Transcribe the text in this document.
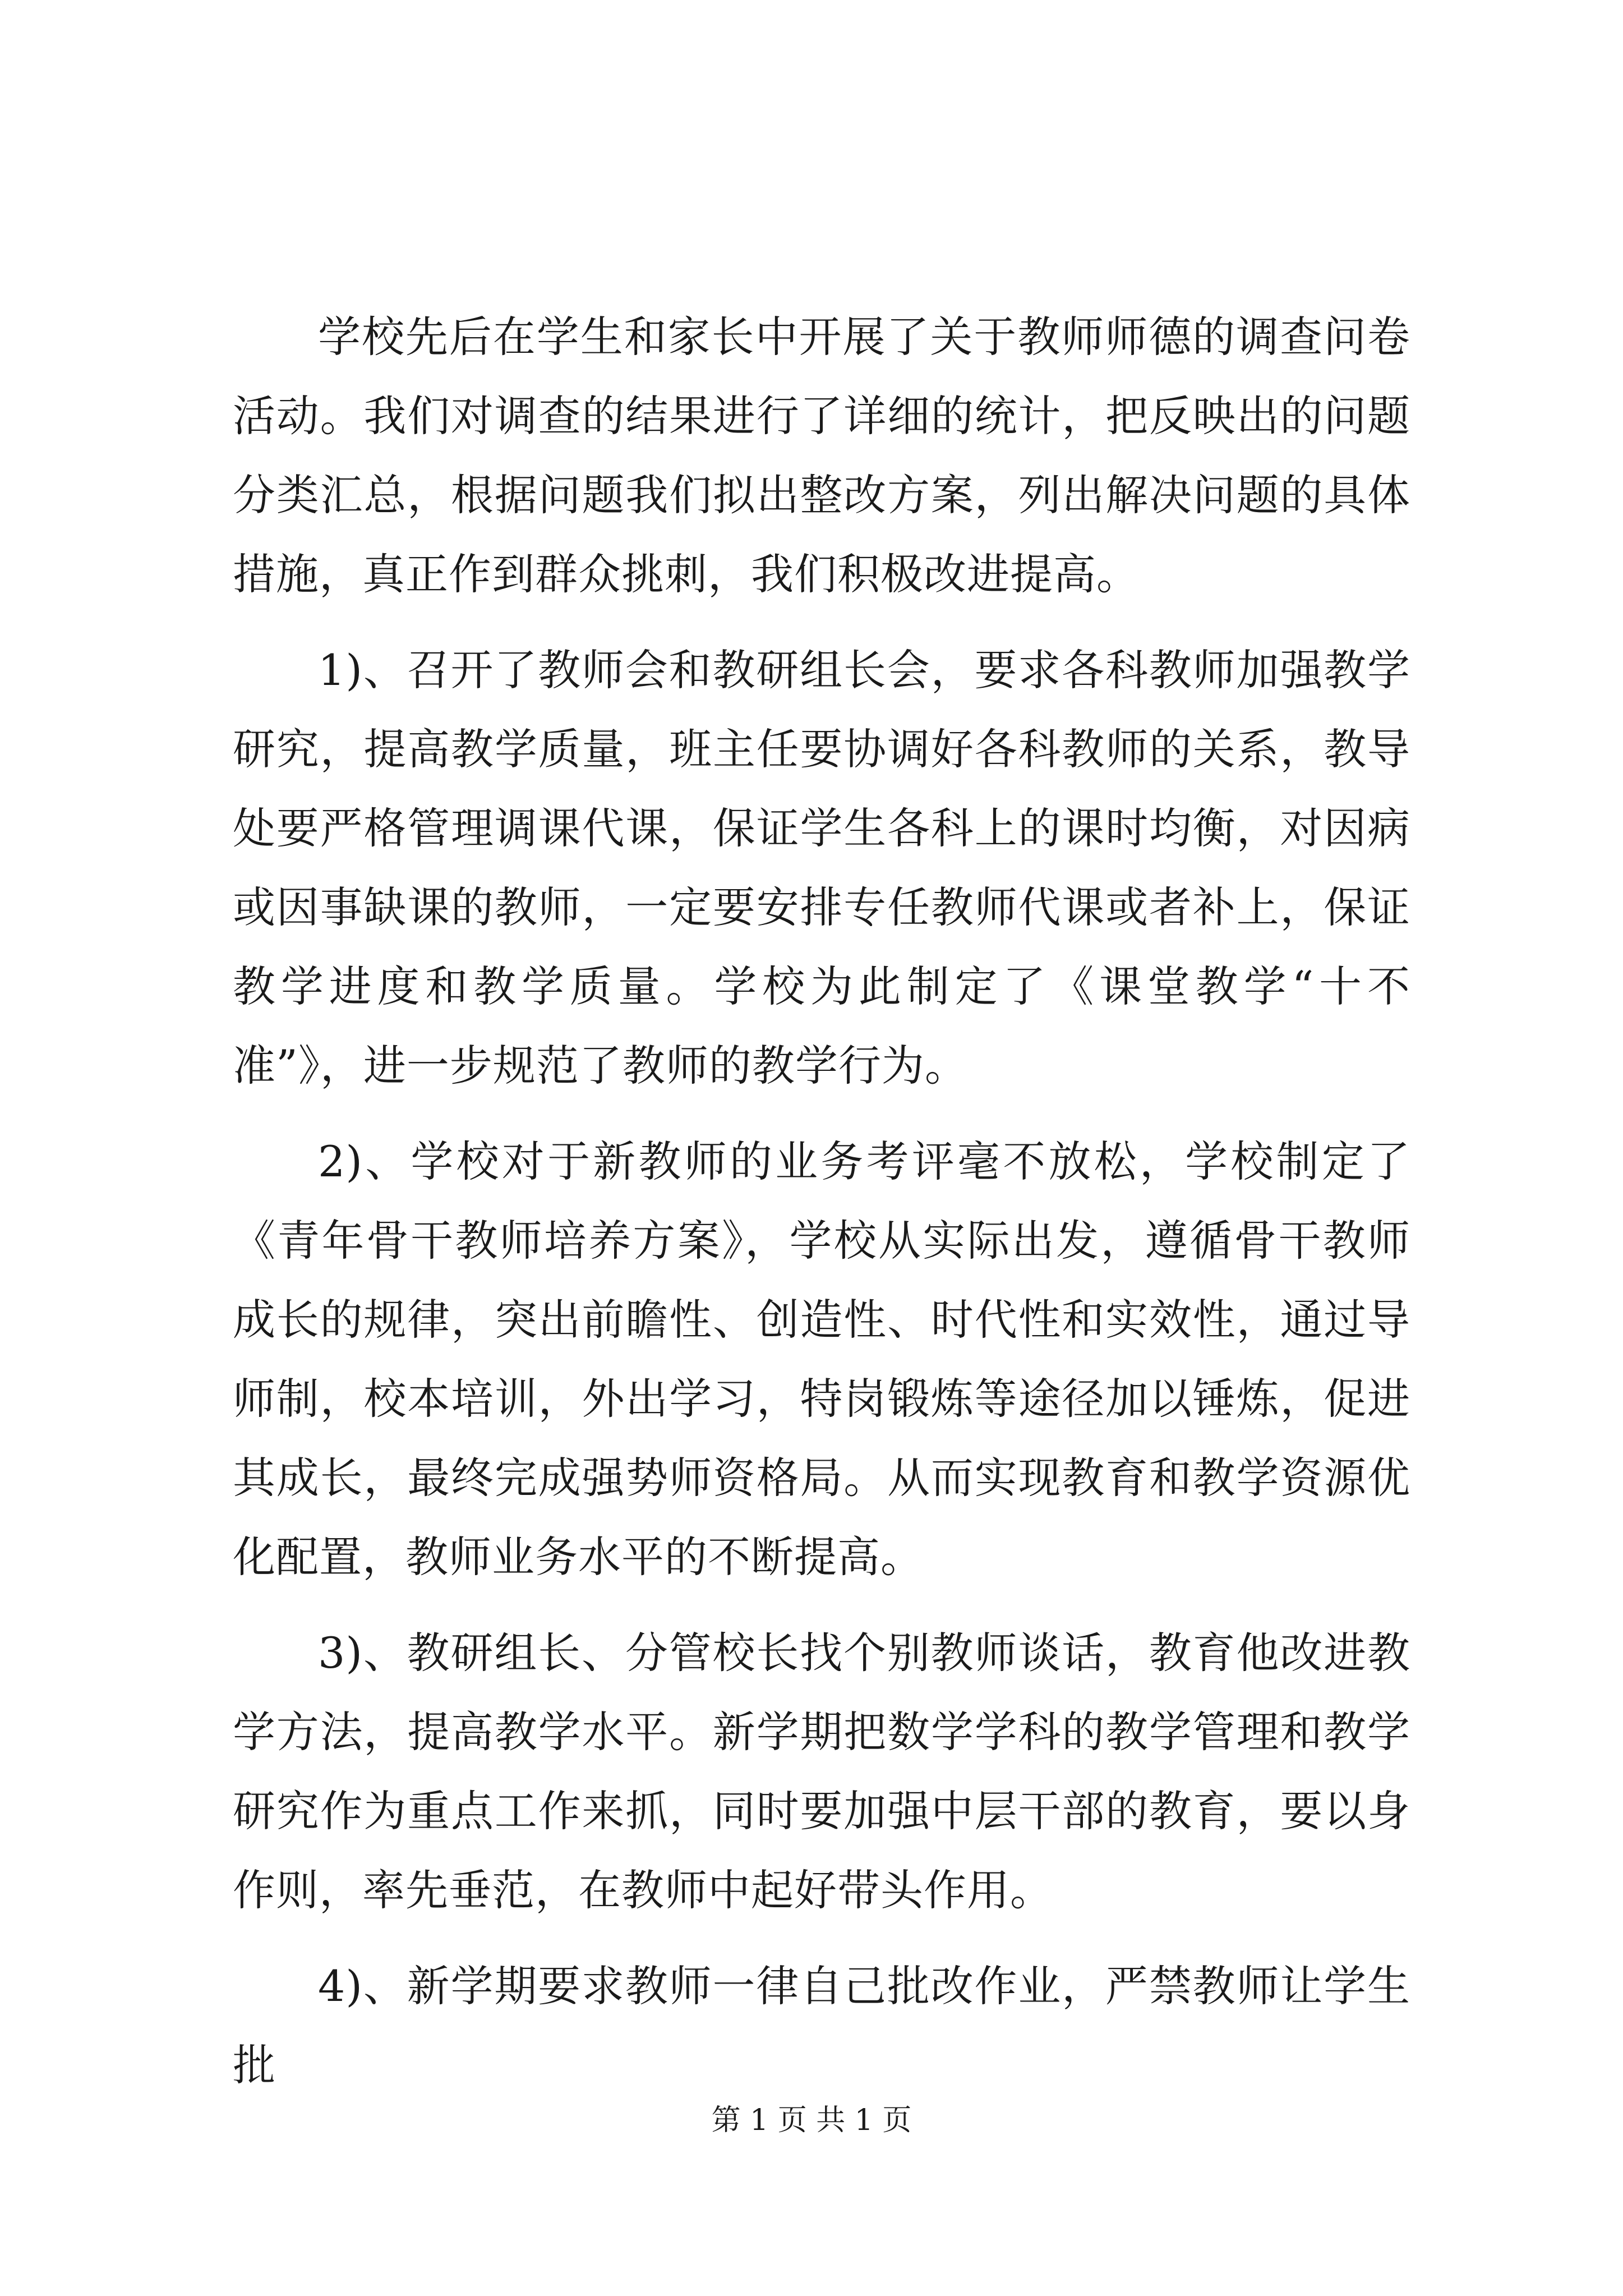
学校先后在学生和家长中开展了关于教师师德的调查问卷活动。我们对调查的结果进行了详细的统计，把反映出的问题分类汇总，根据问题我们拟出整改方案，列出解决问题的具体措施，真正作到群众挑刺，我们积极改进提高。

1)、召开了教师会和教研组长会，要求各科教师加强教学研究，提高教学质量，班主任要协调好各科教师的关系，教导处要严格管理调课代课，保证学生各科上的课时均衡，对因病或因事缺课的教师，一定要安排专任教师代课或者补上，保证教学进度和教学质量。学校为此制定了《课堂教学“十不准”》，进一步规范了教师的教学行为。

2)、学校对于新教师的业务考评毫不放松，学校制定了《青年骨干教师培养方案》，学校从实际出发，遵循骨干教师成长的规律，突出前瞻性、创造性、时代性和实效性，通过导师制，校本培训，外出学习，特岗锻炼等途径加以锤炼，促进其成长，最终完成强势师资格局。从而实现教育和教学资源优化配置，教师业务水平的不断提高。

3)、教研组长、分管校长找个别教师谈话，教育他改进教学方法，提高教学水平。新学期把数学学科的教学管理和教学研究作为重点工作来抓，同时要加强中层干部的教育，要以身作则，率先垂范，在教师中起好带头作用。

4)、新学期要求教师一律自己批改作业，严禁教师让学生批

第 1 页 共 1 页
